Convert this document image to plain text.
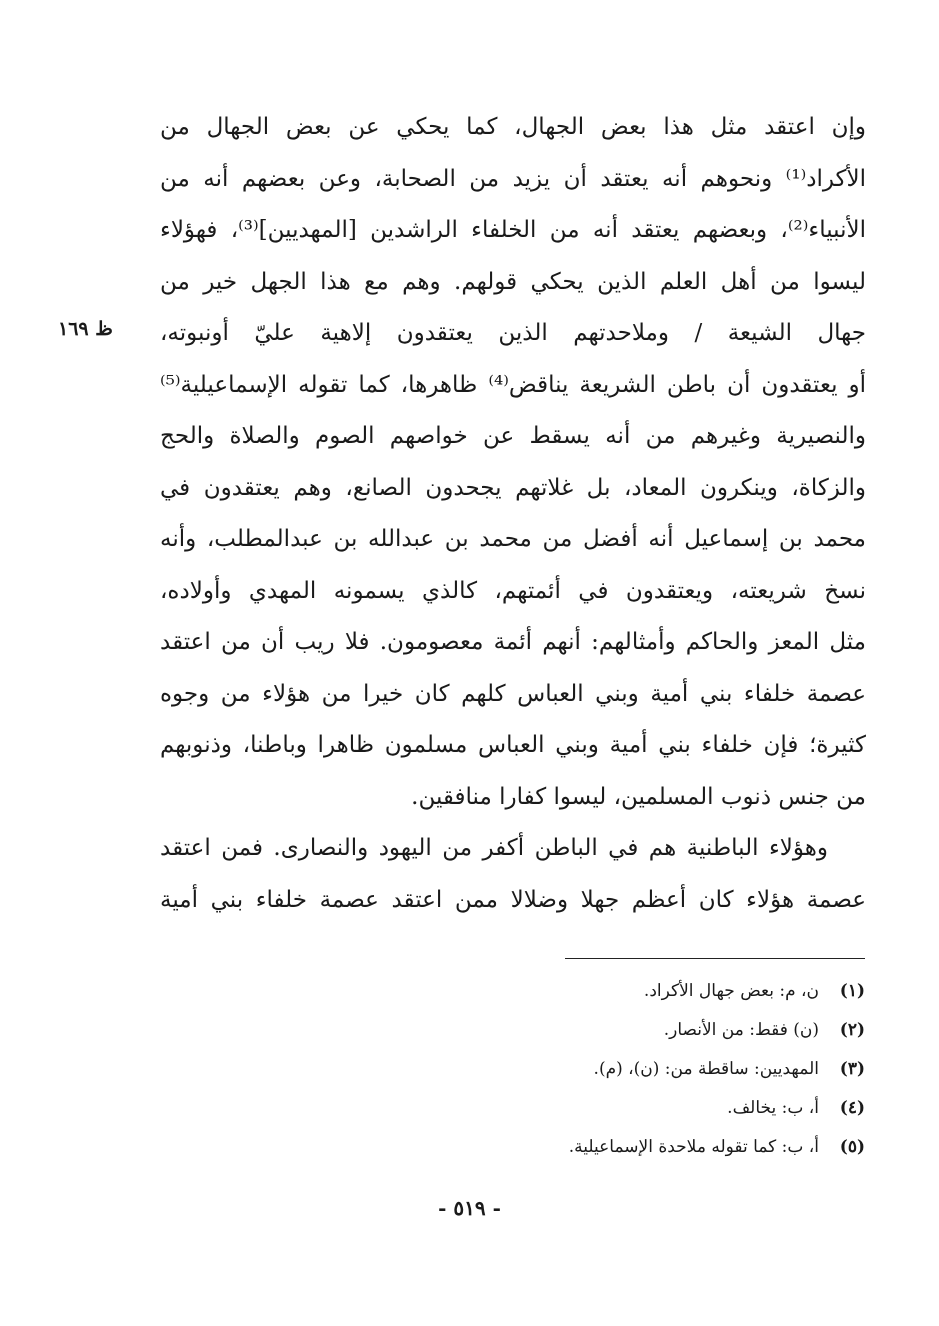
ظ ١٦٩
وإن اعتقد مثل هذا بعض الجهال، كما يحكي عن بعض الجهال من
الأكراد⁽¹⁾ ونحوهم أنه يعتقد أن يزيد من الصحابة، وعن بعضهم أنه من
الأنبياء⁽²⁾، وبعضهم يعتقد أنه من الخلفاء الراشدين [المهديين]⁽³⁾، فهؤلاء
ليسوا من أهل العلم الذين يحكي قولهم. وهم مع هذا الجهل خير من
جهال الشيعة / وملاحدتهم الذين يعتقدون إلاهية عليّ أونبوته،
أو يعتقدون أن باطن الشريعة يناقض⁽⁴⁾ ظاهرها، كما تقوله الإسماعيلية⁽⁵⁾
والنصيرية وغيرهم من أنه يسقط عن خواصهم الصوم والصلاة والحج
والزكاة، وينكرون المعاد، بل غلاتهم يجحدون الصانع، وهم يعتقدون في
محمد بن إسماعيل أنه أفضل من محمد بن عبدالله بن عبدالمطلب، وأنه
نسخ شريعته، ويعتقدون في أئمتهم، كالذي يسمونه المهدي وأولاده،
مثل المعز والحاكم وأمثالهم: أنهم أئمة معصومون. فلا ريب أن من اعتقد
عصمة خلفاء بني أمية وبني العباس كلهم كان خيرا من هؤلاء من وجوه
كثيرة؛ فإن خلفاء بني أمية وبني العباس مسلمون ظاهرا وباطنا، وذنوبهم
من جنس ذنوب المسلمين، ليسوا كفارا منافقين.
وهؤلاء الباطنية هم في الباطن أكفر من اليهود والنصارى. فمن اعتقد
عصمة هؤلاء كان أعظم جهلا وضلالا ممن اعتقد عصمة خلفاء بني أمية
(١)
ن، م: بعض جهال الأكراد.
(٢)
(ن) فقط: من الأنصار.
(٣)
المهديين: ساقطة من: (ن)، (م).
(٤)
أ، ب: يخالف.
(٥)
أ، ب: كما تقوله ملاحدة الإسماعيلية.
- ٥١٩ -
